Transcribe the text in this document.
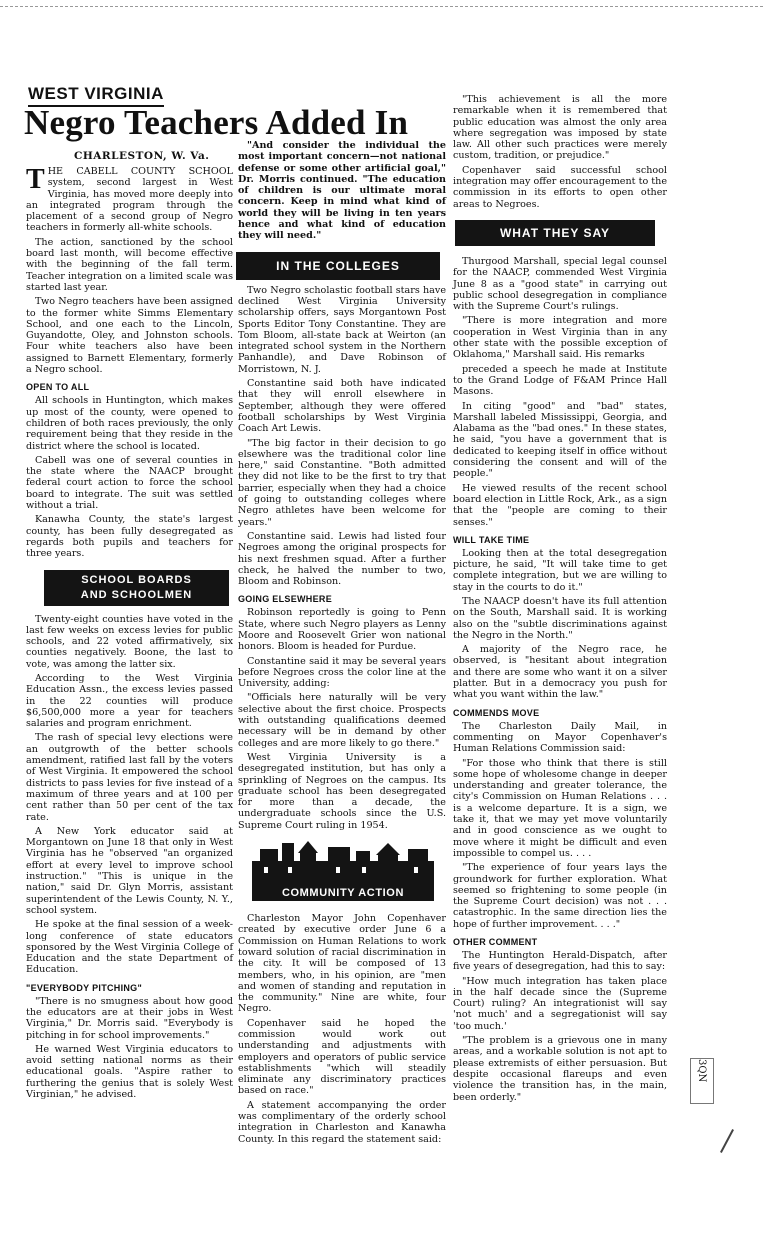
WEST VIRGINIA
Negro Teachers Added In
CHARLESTON, W. Va.

THE CABELL COUNTY SCHOOL system, second largest in West Virginia, has moved more deeply into an integrated program through the placement of a second group of Negro teachers in formerly all-white schools.

The action, sanctioned by the school board last month, will become effective with the beginning of the fall term. Teacher integration on a limited scale was started last year.

Two Negro teachers have been assigned to the former white Simms Elementary School, and one each to the Lincoln, Guyandotte, Oley, and Johnston schools. Four white teachers also have been assigned to Barnett Elementary, formerly a Negro school.

OPEN TO ALL

All schools in Huntington, which makes up most of the county, were opened to children of both races previously, the only requirement being that they reside in the district where the school is located.

Cabell was one of several counties in the state where the NAACP brought federal court action to force the school board to integrate. The suit was settled without a trial.

Kanawha County, the state's largest county, has been fully desegregated as regards both pupils and teachers for three years.

SCHOOL BOARDS
AND SCHOOLMEN

Twenty-eight counties have voted in the last few weeks on excess levies for public schools, and 22 voted affirmatively, six counties negatively. Boone, the last to vote, was among the latter six.

According to the West Virginia Education Assn., the excess levies passed in the 22 counties will produce $6,500,000 more a year for teachers salaries and program enrichment.

The rash of special levy elections were an outgrowth of the better schools amendment, ratified last fall by the voters of West Virginia. It empowered the school districts to pass levies for five instead of a maximum of three years and at 100 per cent rather than 50 per cent of the tax rate.

A New York educator said at Morgantown on June 18 that only in West Virginia has he "observed "an organized effort at every level to improve school instruction." "This is unique in the nation," said Dr. Glyn Morris, assistant superintendent of the Lewis County, N. Y., school system.

He spoke at the final session of a week-long conference of state educators sponsored by the West Virginia College of Education and the state Department of Education.

"EVERYBODY PITCHING"

"There is no smugness about how good the educators are at their jobs in West Virginia," Dr. Morris said. "Everybody is pitching in for school improvements."

He warned West Virginia educators to avoid setting national norms as their educational goals. "Aspire rather to furthering the genius that is solely West Virginian," he advised.

"And consider the individual the most important concern—not national defense or some other artificial goal," Dr. Morris continued. "The education of children is our ultimate moral concern. Keep in mind what kind of world they will be living in ten years hence and what kind of education they will need."

Two Negro scholastic football stars have declined West Virginia University scholarship offers, says Morgantown Post Sports Editor Tony Constantine. They are Tom Bloom, all-state back at Weirton (an integrated school system in the Northern Panhandle), and Dave Robinson of Morristown, N. J.

Constantine said both have indicated that they will enroll elsewhere in September, although they were offered football scholarships by West Virginia Coach Art Lewis.

"The big factor in their decision to go elsewhere was the traditional color line here," said Constantine. "Both admitted they did not like to be the first to try that barrier, especially when they had a choice of going to outstanding colleges where Negro athletes have been welcome for years."

Constantine said. Lewis had listed four Negroes among the original prospects for his next freshmen squad. After a further check, he halved the number to two, Bloom and Robinson.

GOING ELSEWHERE

Robinson reportedly is going to Penn State, where such Negro players as Lenny Moore and Roosevelt Grier won national honors. Bloom is headed for Purdue.

Constantine said it may be several years before Negroes cross the color line at the University, adding:

"Officials here naturally will be very selective about the first choice. Prospects with outstanding qualifications deemed necessary will be in demand by other colleges and are more likely to go there."

West Virginia University is a desegregated institution, but has only a sprinkling of Negroes on the campus. Its graduate school has been desegregated for more than a decade, the undergraduate schools since the U.S. Supreme Court ruling in 1954.

COMMUNITY ACTION

Charleston Mayor John Copenhaver created by executive order June 6 a Commission on Human Relations to work toward solution of racial discrimination in the city. It will be composed of 13 members, who, in his opinion, are "men and women of standing and reputation in the community." Nine are white, four Negro.

Copenhaver said he hoped the commission would work out understanding and adjustments with employers and operators of public service establishments "which will steadily eliminate any discriminatory practices based on race."

A statement accompanying the order was complimentary of the orderly school integration in Charleston and Kanawha County. In this regard the statement said:

IN THE COLLEGES

"This achievement is all the more remarkable when it is remembered that public education was almost the only area where segregation was imposed by state law. All other such practices were merely custom, tradition, or prejudice."

Copenhaver said successful school integration may offer encouragement to the commission in its efforts to open other areas to Negroes.

WHAT THEY SAY

Thurgood Marshall, special legal counsel for the NAACP, commended West Virginia June 8 as a "good state" in carrying out public school desegregation in compliance with the Supreme Court's rulings.

"There is more integration and more cooperation in West Virginia than in any other state with the possible exception of Oklahoma," Marshall said. His remarks

preceded a speech he made at Institute to the Grand Lodge of F&AM Prince Hall Masons.

In citing "good" and "bad" states, Marshall labeled Mississippi, Georgia, and Alabama as the "bad ones." In these states, he said, "you have a government that is dedicated to keeping itself in office without considering the consent and will of the people."

He viewed results of the recent school board election in Little Rock, Ark., as a sign that the "people are coming to their senses."

WILL TAKE TIME

Looking then at the total desegregation picture, he said, "It will take time to get complete integration, but we are willing to stay in the courts to do it."

The NAACP doesn't have its full attention on the South, Marshall said. It is working also on the "subtle discriminations against the Negro in the North."

A majority of the Negro race, he observed, is "hesitant about integration and there are some who want it on a silver platter. But in a democracy you push for what you want within the law."

COMMENDS MOVE

The Charleston Daily Mail, in commenting on Mayor Copenhaver's Human Relations Commission said:

"For those who think that there is still some hope of wholesome change in deeper understanding and greater tolerance, the city's Commission on Human Relations . . . is a welcome departure. It is a sign, we take it, that we may yet move voluntarily and in good conscience as we ought to move where it might be difficult and even impossible to compel us. . . .

"The experience of four years lays the groundwork for further exploration. What seemed so frightening to some people (in the Supreme Court decision) was not . . . catastrophic. In the same direction lies the hope of further improvement. . . ."

OTHER COMMENT

The Huntington Herald-Dispatch, after five years of desegregation, had this to say:

"How much integration has taken place in the half decade since the (Supreme Court) ruling? An integrationist will say 'not much' and a segregationist will say 'too much.'

"The problem is a grievous one in many areas, and a workable solution is not apt to please extremists of either persuasion. But despite occasional flareups and even violence the transition has, in the main, been orderly."

3QN
